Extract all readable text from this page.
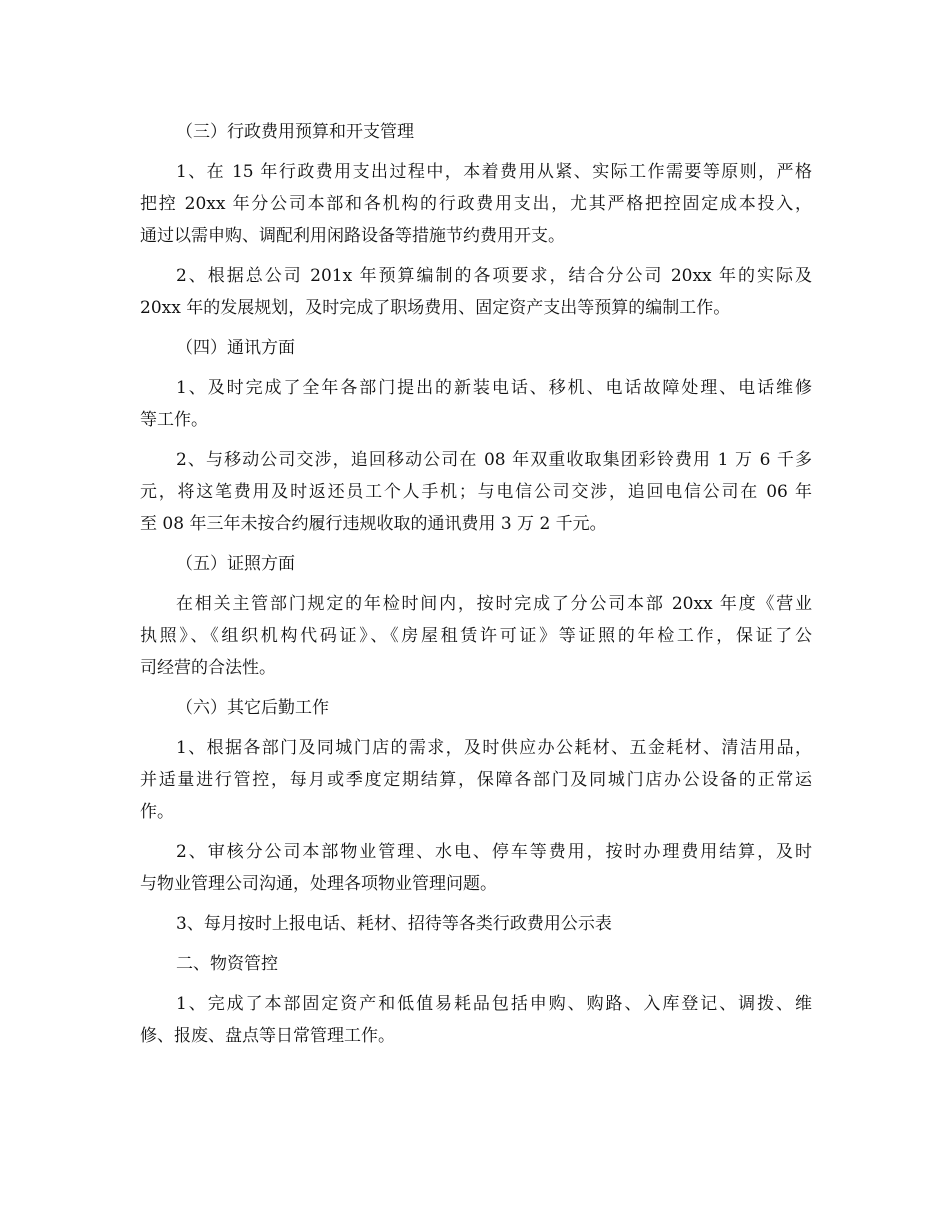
（三）行政费用预算和开支管理
1、在 15 年行政费用支出过程中，本着费用从紧、实际工作需要等原则，严格
把控 20xx 年分公司本部和各机构的行政费用支出，尤其严格把控固定成本投入，
通过以需申购、调配利用闲路设备等措施节约费用开支。
2、根据总公司 201x 年预算编制的各项要求，结合分公司 20xx 年的实际及
20xx 年的发展规划，及时完成了职场费用、固定资产支出等预算的编制工作。
（四）通讯方面
1、及时完成了全年各部门提出的新装电话、移机、电话故障处理、电话维修
等工作。
2、与移动公司交涉，追回移动公司在 08 年双重收取集团彩铃费用 1 万 6 千多
元，将这笔费用及时返还员工个人手机；与电信公司交涉，追回电信公司在 06 年
至 08 年三年未按合约履行违规收取的通讯费用 3 万 2 千元。
（五）证照方面
在相关主管部门规定的年检时间内，按时完成了分公司本部 20xx 年度《营业
执照》、《组织机构代码证》、《房屋租赁许可证》等证照的年检工作，保证了公
司经营的合法性。
（六）其它后勤工作
1、根据各部门及同城门店的需求，及时供应办公耗材、五金耗材、清洁用品，
并适量进行管控，每月或季度定期结算，保障各部门及同城门店办公设备的正常运
作。
2、审核分公司本部物业管理、水电、停车等费用，按时办理费用结算，及时
与物业管理公司沟通，处理各项物业管理问题。
3、每月按时上报电话、耗材、招待等各类行政费用公示表
二、物资管控
1、完成了本部固定资产和低值易耗品包括申购、购路、入库登记、调拨、维
修、报废、盘点等日常管理工作。
